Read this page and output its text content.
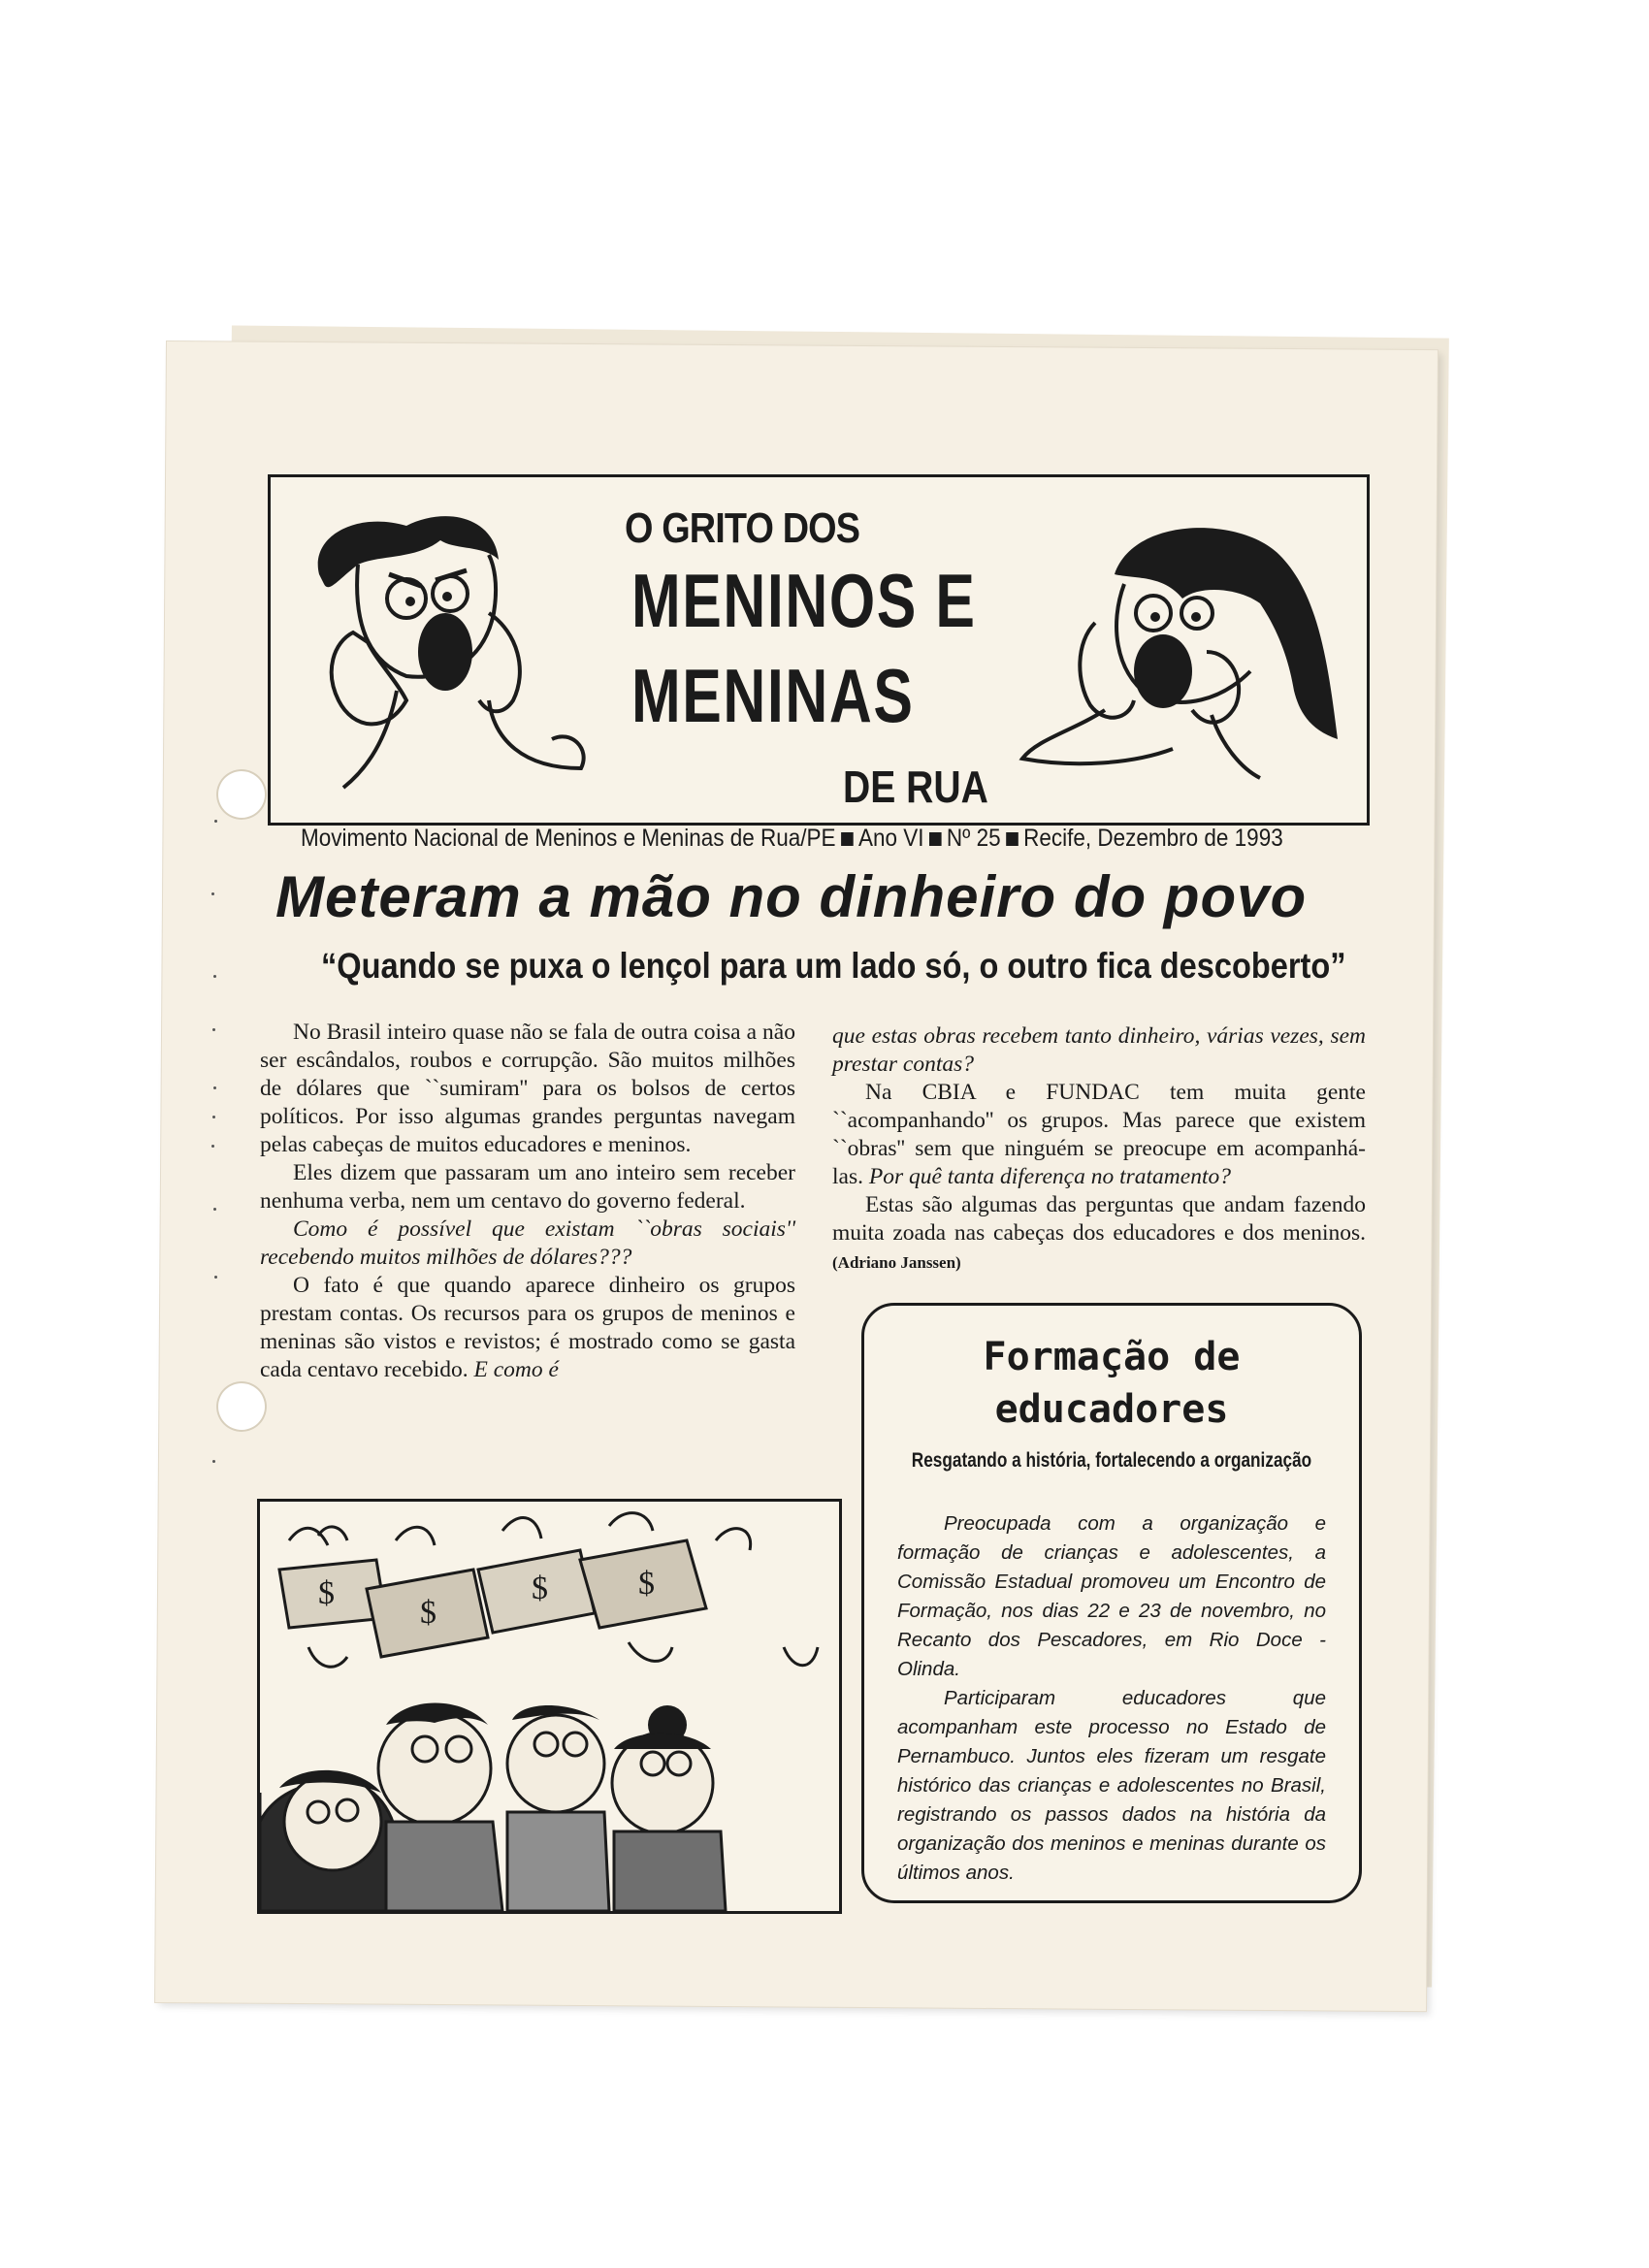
O GRITO DOS
MENINOS E
MENINAS
DE RUA
Movimento Nacional de Meninos e Meninas de Rua/PE Ano VI Nº 25 Recife, Dezembro de 1993
Meteram a mão no dinheiro do povo
“Quando se puxa o lençol para um lado só, o outro fica descoberto”

No Brasil inteiro quase não se fala de outra coisa a não ser escândalos, roubos e corrupção. São muitos milhões de dólares que ``sumiram'' para os bolsos de certos políticos. Por isso algumas grandes perguntas navegam pelas cabeças de muitos educadores e meninos.

Eles dizem que passaram um ano inteiro sem receber nenhuma verba, nem um centavo do governo federal.

Como é possível que existam ``obras sociais'' recebendo muitos milhões de dólares???

O fato é que quando aparece dinheiro os grupos prestam contas. Os recursos para os grupos de meninos e meninas são vistos e revistos; é mostrado como se gasta cada centavo recebido. E como é

que estas obras recebem tanto dinheiro, várias vezes, sem prestar contas?

Na CBIA e FUNDAC tem muita gente ``acompanhando'' os grupos. Mas parece que existem ``obras'' sem que ninguém se preocupe em acompanhá-las. Por quê tanta diferença no tratamento?

Estas são algumas das perguntas que andam fazendo muita zoada nas cabeças dos educadores e dos meninos. (Adriano Janssen)

$
$
$	$
Formação de
educadores
Resgatando a história, fortalecendo a organização

Preocupada com a organização e formação de crianças e adolescentes, a Comissão Estadual promoveu um Encontro de Formação, nos dias 22 e 23 de novembro, no Recanto dos Pescadores, em Rio Doce - Olinda.

Participaram educadores que acompanham este processo no Estado de Pernambuco. Juntos eles fizeram um resgate histórico das crianças e adolescentes no Brasil, registrando os passos dados na história da organização dos meninos e meninas durante os últimos anos.
